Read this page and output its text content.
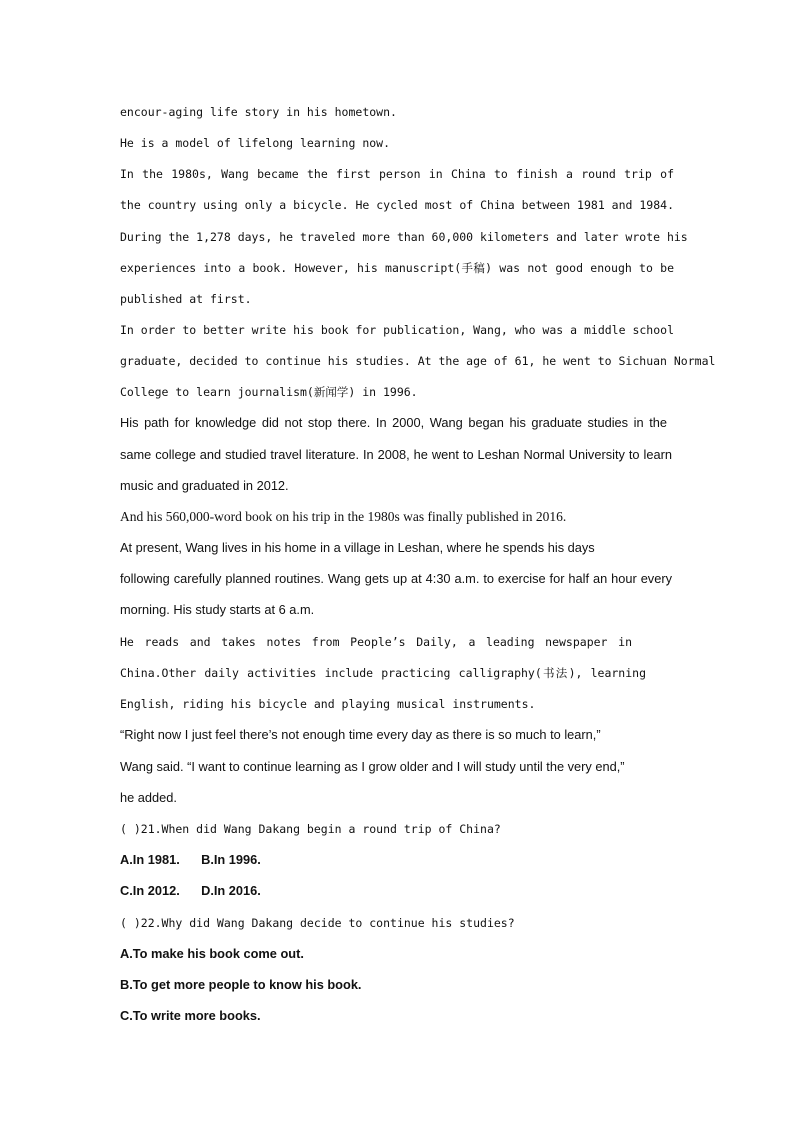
encour-aging life story in his hometown.
He is a model of lifelong learning now.
In the 1980s, Wang became the first person in China to finish a round trip of
the country using only a bicycle. He cycled most of China between 1981 and 1984.
During the 1,278 days, he traveled more than 60,000 kilometers and later wrote his
experiences into a book. However, his manuscript(手稿) was not good enough to be
published at first.
In order to better write his book for publication, Wang, who was a middle school
graduate, decided to continue his studies. At the age of 61, he went to Sichuan Normal
College to learn journalism(新闻学) in 1996.
His path for knowledge did not stop there. In 2000, Wang began his graduate studies in the
same college and studied travel literature. In 2008, he went to Leshan Normal University to learn
music and graduated in 2012.
And his 560,000-word book on his trip in the 1980s was finally published in 2016.
At present, Wang lives in his home in a village in Leshan, where he spends his days
following carefully planned routines. Wang gets up at 4:30 a.m. to exercise for half an hour every
morning. His study starts at 6 a.m.
He reads and takes notes from People’s Daily, a leading newspaper in
China.Other daily activities include practicing calligraphy(书法), learning
English, riding his bicycle and playing musical instruments.
“Right now I just feel there’s not enough time every day as there is so much to learn,”
Wang said. “I want to continue learning as I grow older and I will study until the very end,”
he added.
( )21.When did Wang Dakang begin a round trip of China?
A.In 1981.      B.In 1996.
C.In 2012.      D.In 2016.
( )22.Why did Wang Dakang decide to continue his studies?
A.To make his book come out.
B.To get more people to know his book.
C.To write more books.
